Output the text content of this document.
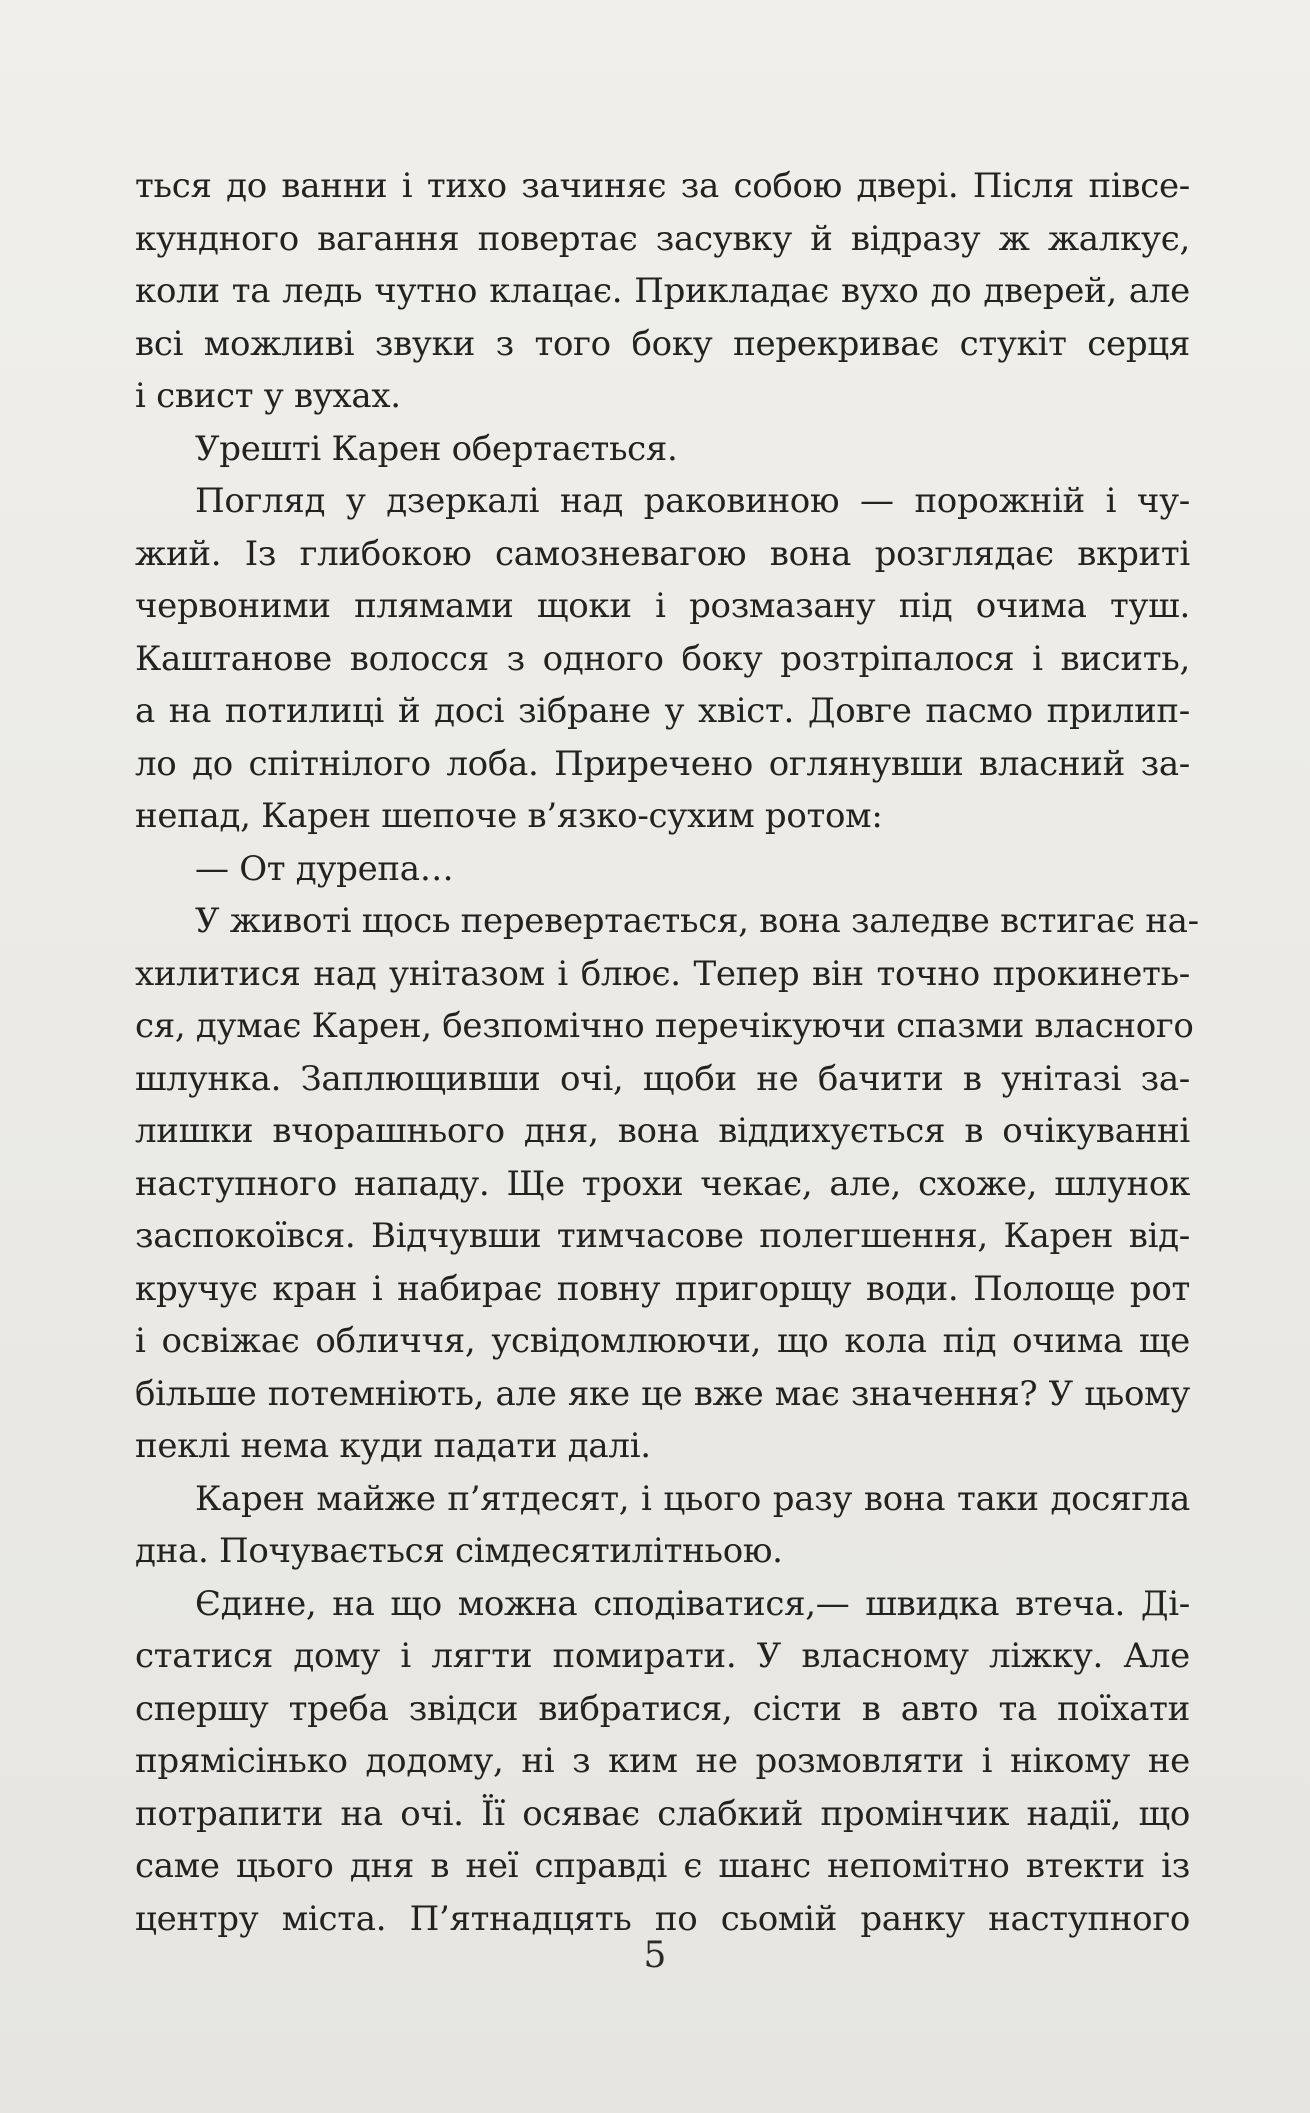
ться до ванни і тихо зачиняє за собою двері. Після півсе-
кундного вагання повертає засувку й відразу ж жалкує,
коли та ледь чутно клацає. Прикладає вухо до дверей, але
всі можливі звуки з того боку перекриває стукіт серця
і свист у вухах.
Урешті Карен обертається.
Погляд у дзеркалі над раковиною — порожній і чу-
жий. Із глибокою самозневагою вона розглядає вкриті
червоними плямами щоки і розмазану під очима туш.
Каштанове волосся з одного боку розтріпалося і висить,
а на потилиці й досі зібране у хвіст. Довге пасмо прилип-
ло до спітнілого лоба. Приречено оглянувши власний за-
непад, Карен шепоче в’язко-сухим ротом:
— От дурепа…
У животі щось перевертається, вона заледве встигає на-
хилитися над унітазом і блює. Тепер він точно прокинеть-
ся, думає Карен, безпомічно перечікуючи спазми власного
шлунка. Заплющивши очі, щоби не бачити в унітазі за-
лишки вчорашнього дня, вона віддихується в очікуванні
наступного нападу. Ще трохи чекає, але, схоже, шлунок
заспокоївся. Відчувши тимчасове полегшення, Карен від-
кручує кран і набирає повну пригорщу води. Полоще рот
і освіжає обличчя, усвідомлюючи, що кола під очима ще
більше потемніють, але яке це вже має значення? У цьому
пеклі нема куди падати далі.
Карен майже п’ятдесят, і цього разу вона таки досягла
дна. Почувається сімдесятилітньою.
Єдине, на що можна сподіватися,— швидка втеча. Ді-
статися дому і лягти помирати. У власному ліжку. Але
спершу треба звідси вибратися, сісти в авто та поїхати
прямісінько додому, ні з ким не розмовляти і нікому не
потрапити на очі. Її осяває слабкий промінчик надії, що
саме цього дня в неї справді є шанс непомітно втекти із
центру міста. П’ятнадцять по сьомій ранку наступного
5
